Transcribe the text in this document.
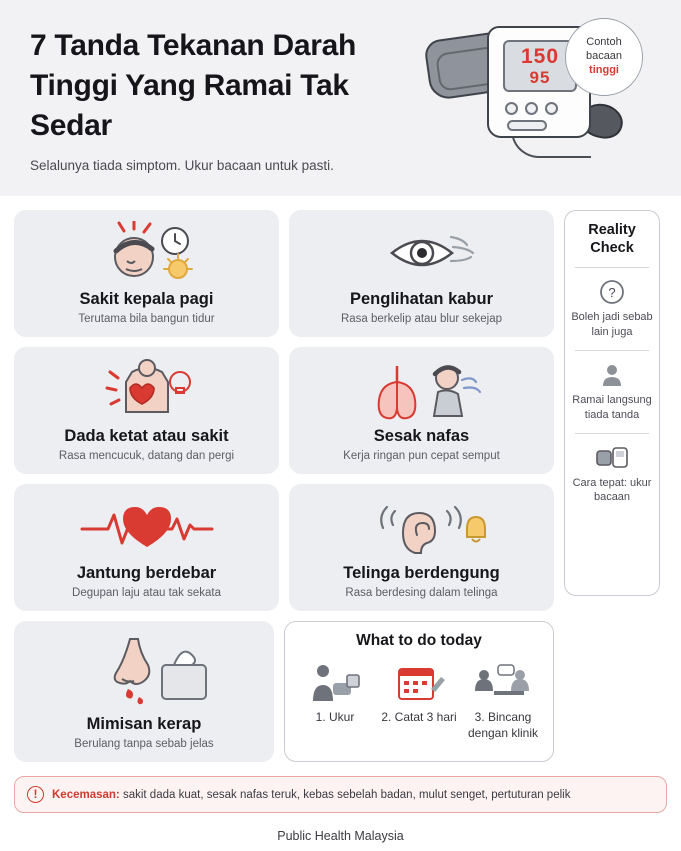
7 Tanda Tekanan Darah Tinggi Yang Ramai Tak Sedar
Selalunya tiada simptom. Ukur bacaan untuk pasti.
150
95
Contoh
bacaan
tinggi
Sakit kepala pagi
Terutama bila bangun tidur
Penglihatan kabur
Rasa berkelip atau blur sekejap
Dada ketat atau sakit
Rasa mencucuk, datang dan pergi
Sesak nafas
Kerja ringan pun cepat semput
Jantung berdebar
Degupan laju atau tak sekata
Telinga berdengung
Rasa berdesing dalam telinga
Mimisan kerap
Berulang tanpa sebab jelas
What to do today
1. Ukur	2. Catat 3 hari	3. Bincang dengan klinik
Reality Check
?
Boleh jadi sebab lain juga
Ramai langsung tiada tanda
Cara tepat: ukur bacaan
!	Kecemasan: sakit dada kuat, sesak nafas teruk, kebas sebelah badan, mulut senget, pertuturan pelik
Public Health Malaysia
